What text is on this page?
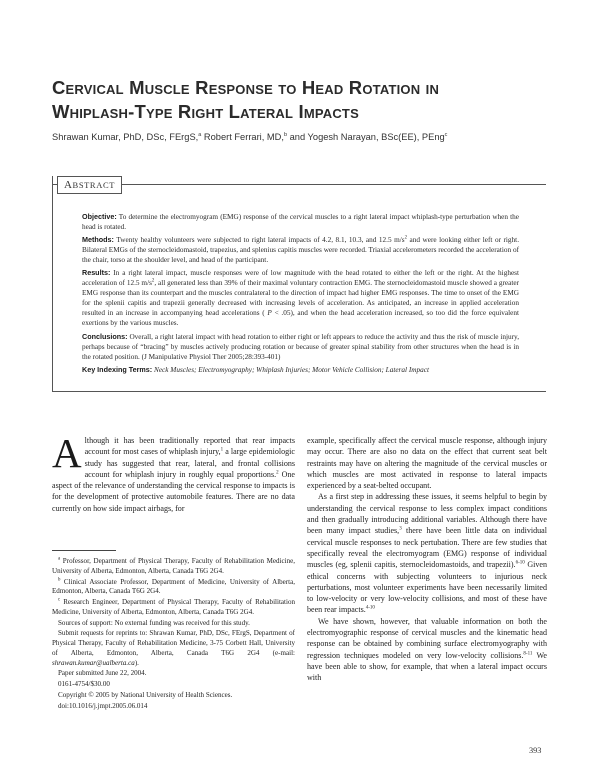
Cervical Muscle Response to Head Rotation in
Whiplash-Type Right Lateral Impacts
Shrawan Kumar, PhD, DSc, FErgS,$^a$ Robert Ferrari, MD,$^b$ and Yogesh Narayan, BSc(EE), PEng$^c$
ABSTRACT

Objective: To determine the electromyogram (EMG) response of the cervical muscles to a right lateral impact whiplash-type perturbation when the head is rotated.

Methods: Twenty healthy volunteers were subjected to right lateral impacts of 4.2, 8.1, 10.3, and 12.5 $m/s^2$ and were looking either left or right. Bilateral EMGs of the sternocleidomastoid, trapezius, and splenius capitis muscles were recorded. Triaxial accelerometers recorded the acceleration of the chair, torso at the shoulder level, and head of the participant.

Results: In a right lateral impact, muscle responses were of low magnitude with the head rotated to either the left or the right. At the highest acceleration of 12.5 $m/s^2$, all generated less than 39% of their maximal voluntary contraction EMG. The sternocleidomastoid muscle showed a greater EMG response than its counterpart and the muscles contralateral to the direction of impact had higher EMG responses. The time to onset of the EMG for the splenii capitis and trapezii generally decreased with increasing levels of acceleration. As anticipated, an increase in applied acceleration resulted in an increase in accompanying head accelerations ( P < .05), and when the head acceleration increased, so too did the force equivalent exertions by the various muscles.

Conclusions: Overall, a right lateral impact with head rotation to either right or left appears to reduce the activity and thus the risk of muscle injury, perhaps because of “bracing” by muscles actively producing rotation or because of greater spinal stability from other structures when the head is in the rotated position. (J Manipulative Physiol Ther 2005;28:393-401)

Key Indexing Terms: Neck Muscles; Electromyography; Whiplash Injuries; Motor Vehicle Collision; Lateral Impact

Although it has been traditionally reported that rear impacts account for most cases of whiplash injury,$^1$ a large epidemiologic study has suggested that rear, lateral, and frontal collisions account for whiplash injury in roughly equal proportions.$^2$ One aspect of the relevance of understanding the cervical response to impacts is for the development of protective automobile features. There are no data currently on how side impact airbags, for

$^a$ Professor, Department of Physical Therapy, Faculty of Rehabilitation Medicine, University of Alberta, Edmonton, Alberta, Canada T6G 2G4.

$^b$ Clinical Associate Professor, Department of Medicine, University of Alberta, Edmonton, Alberta, Canada T6G 2G4.

$^c$ Research Engineer, Department of Physical Therapy, Faculty of Rehabilitation Medicine, University of Alberta, Edmonton, Alberta, Canada T6G 2G4.

Sources of support: No external funding was received for this study.

Submit requests for reprints to: Shrawan Kumar, PhD, DSc, FErgS, Department of Physical Therapy, Faculty of Rehabilitation Medicine, 3-75 Corbett Hall, University of Alberta, Edmonton, Alberta, Canada T6G 2G4 (e-mail: shrawan.kumar@ualberta.ca).

Paper submitted June 22, 2004.

0161-4754/$30.00

Copyright © 2005 by National University of Health Sciences.

doi:10.1016/j.jmpt.2005.06.014

example, specifically affect the cervical muscle response, although injury may occur. There are also no data on the effect that current seat belt restraints may have on altering the magnitude of the cervical muscles or which muscles are most activated in response to lateral impacts experienced by a seat-belted occupant.

As a first step in addressing these issues, it seems helpful to begin by understanding the cervical response to less complex impact conditions and then gradually introducing additional variables. Although there have been many impact studies,$^3$ there have been little data on individual cervical muscle responses to neck pertubation. There are few studies that specifically reveal the electromyogram (EMG) response of individual muscles (eg, splenii capitis, sternocleidomastoids, and trapezii).$^{6-10}$ Given ethical concerns with subjecting volunteers to injurious neck perturbations, most volunteer experiments have been necessarily limited to low-velocity or very low-velocity collisions, and most of these have been rear impacts.$^{4-10}$

We have shown, however, that valuable information on both the electromyographic response of cervical muscles and the kinematic head response can be obtained by combining surface electromyography with regression techniques modeled on very low-velocity collisions.$^{8-11}$ We have been able to show, for example, that when a lateral impact occurs with

393
